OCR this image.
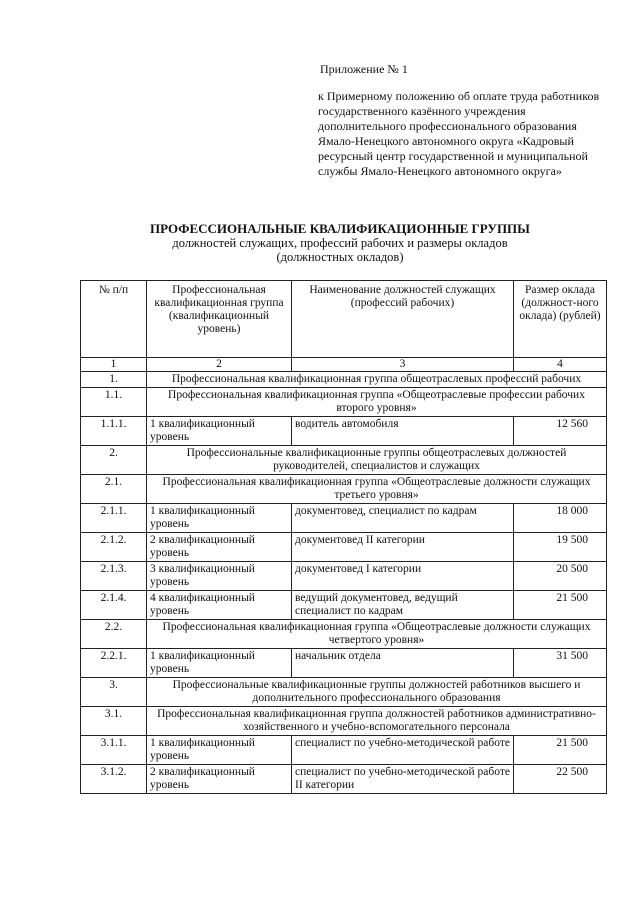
Приложение № 1
к Примерному положению об оплате труда работников государственного казённого учреждения дополнительного профессионального образования Ямало-Ненецкого автономного округа «Кадровый ресурсный центр государственной и муниципальной службы Ямало-Ненецкого автономного округа»
ПРОФЕССИОНАЛЬНЫЕ КВАЛИФИКАЦИОННЫЕ ГРУППЫ
должностей служащих, профессий рабочих и размеры окладов
(должностных окладов)
№ п/п	Профессиональная квалификационная группа (квалификационный уровень)	Наименование должностей служащих (профессий рабочих)	Размер оклада (должност-ного оклада) (рублей)
1	2	3	4
1.	Профессиональная квалификационная группа общеотраслевых профессий рабочих		
1.1.	Профессиональная квалификационная группа «Общеотраслевые профессии рабочих второго уровня»		
1.1.1.	1 квалификационный уровень	водитель автомобиля	12 560
2.	Профессиональные квалификационные группы общеотраслевых должностей руководителей, специалистов и служащих		
2.1.	Профессиональная квалификационная группа «Общеотраслевые должности служащих третьего уровня»		
2.1.1.	1 квалификационный уровень	документовед, специалист по кадрам	18 000
2.1.2.	2 квалификационный уровень	документовед II категории	19 500
2.1.3.	3 квалификационный уровень	документовед I категории	20 500
2.1.4.	4 квалификационный уровень	ведущий документовед, ведущий специалист по кадрам	21 500
2.2.	Профессиональная квалификационная группа «Общеотраслевые должности служащих четвертого уровня»		
2.2.1.	1 квалификационный уровень	начальник отдела	31 500
3.	Профессиональные квалификационные группы должностей работников высшего и дополнительного профессионального образования		
3.1.	Профессиональная квалификационная группа должностей работников административно-хозяйственного и учебно-вспомогательного персонала		
3.1.1.	1 квалификационный уровень	специалист по учебно-методической работе	21 500
3.1.2.	2 квалификационный уровень	специалист по учебно-методической работе II категории	22 500
